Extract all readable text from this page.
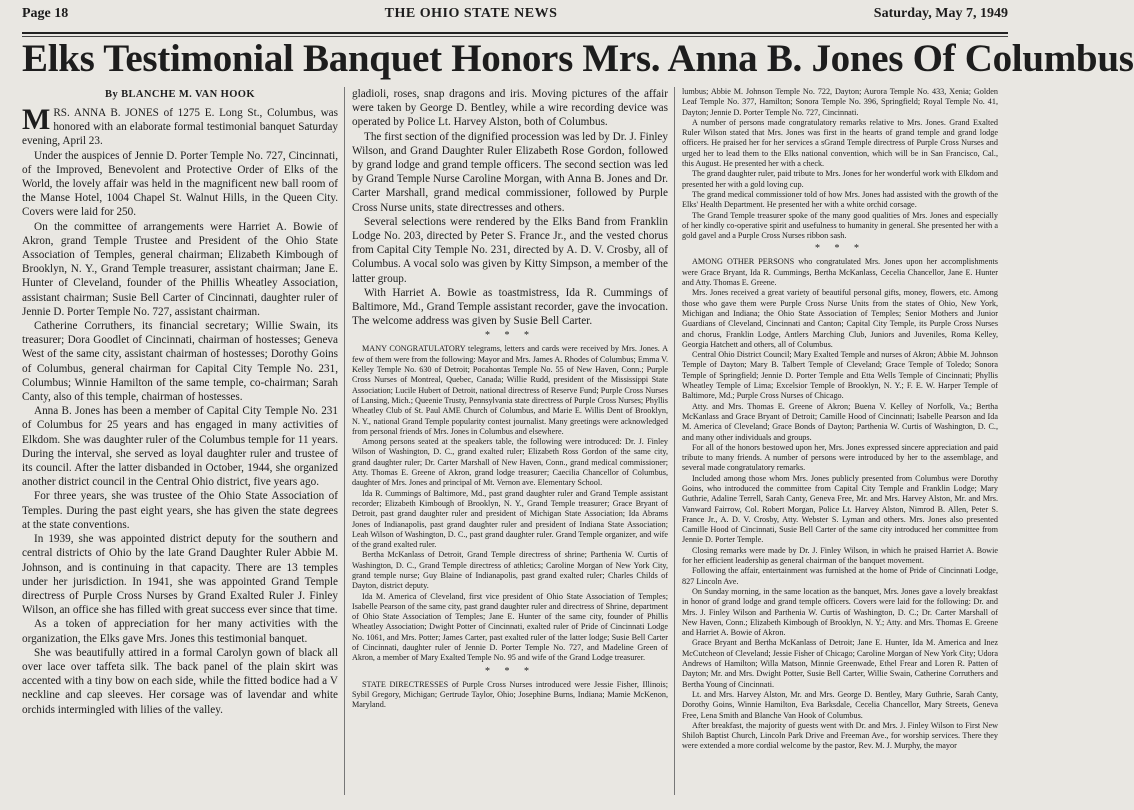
Page 18	THE OHIO STATE NEWS	Saturday, May 7, 1949
Elks Testimonial Banquet Honors Mrs. Anna B. Jones Of Columbus
By BLANCHE M. VAN HOOK

MRS. ANNA B. JONES of 1275 E. Long St., Columbus, was honored with an elaborate formal testimonial banquet Saturday evening, April 23.

Under the auspices of Jennie D. Porter Temple No. 727, Cincinnati, of the Improved, Benevolent and Protective Order of Elks of the World, the lovely affair was held in the magnificent new ball room of the Manse Hotel, 1004 Chapel St. Walnut Hills, in the Queen City. Covers were laid for 250.

On the committee of arrangements were Harriet A. Bowie of Akron, grand Temple Trustee and President of the Ohio State Association of Temples, general chairman; Elizabeth Kimbough of Brooklyn, N. Y., Grand Temple treasurer, assistant chairman; Jane E. Hunter of Cleveland, founder of the Phillis Wheatley Association, assistant chairman; Susie Bell Carter of Cincinnati, daughter ruler of Jennie D. Porter Temple No. 727, assistant chairman.

Catherine Corruthers, its financial secretary; Willie Swain, its treasurer; Dora Goodlet of Cincinnati, chairman of hostesses; Geneva West of the same city, assistant chairman of hostesses; Dorothy Goins of Columbus, general chairman for Capital City Temple No. 231, Columbus; Winnie Hamilton of the same temple, co-chairman; Sarah Canty, also of this temple, chairman of hostesses.

Anna B. Jones has been a member of Capital City Temple No. 231 of Columbus for 25 years and has engaged in many activities of Elkdom. She was daughter ruler of the Columbus temple for 11 years. During the interval, she served as loyal daughter ruler and trustee of its council. After the latter disbanded in October, 1944, she organized another district council in the Central Ohio district, five years ago.

For three years, she was trustee of the Ohio State Association of Temples. During the past eight years, she has given the state degrees at the state conventions.

In 1939, she was appointed district deputy for the southern and central districts of Ohio by the late Grand Daughter Ruler Abbie M. Johnson, and is continuing in that capacity. There are 13 temples under her jurisdiction. In 1941, she was appointed Grand Temple directress of Purple Cross Nurses by Grand Exalted Ruler J. Finley Wilson, an office she has filled with great success ever since that time.

As a token of appreciation for her many activities with the organization, the Elks gave Mrs. Jones this testimonial banquet.

She was beautifully attired in a formal Carolyn gown of black all over lace over taffeta silk. The back panel of the plain skirt was accented with a tiny bow on each side, while the fitted bodice had a V neckline and cap sleeves. Her corsage was of lavendar and white orchids intermingled with lilies of the valley.

gladioli, roses, snap dragons and iris. Moving pictures of the affair were taken by George D. Bentley, while a wire recording device was operated by Police Lt. Harvey Alston, both of Columbus.

The first section of the dignified procession was led by Dr. J. Finley Wilson, and Grand Daughter Ruler Elizabeth Rose Gordon, followed by grand lodge and grand temple officers. The second section was led by Grand Temple Nurse Caroline Morgan, with Anna B. Jones and Dr. Carter Marshall, grand medical commissioner, followed by Purple Cross Nurse units, state directresses and others.

Several selections were rendered by the Elks Band from Franklin Lodge No. 203, directed by Peter S. France Jr., and the vested chorus from Capital City Temple No. 231, directed by A. D. V. Crosby, all of Columbus. A vocal solo was given by Kitty Simpson, a member of the latter group.

With Harriet A. Bowie as toastmistress, Ida R. Cummings of Baltimore, Md., Grand Temple assistant recorder, gave the invocation. The welcome address was given by Susie Bell Carter.

* * *

MANY CONGRATULATORY telegrams, letters and cards were received by Mrs. Jones. A few of them were from the following: Mayor and Mrs. James A. Rhodes of Columbus; Emma V. Kelley Temple No. 630 of Detroit; Pocahontas Temple No. 55 of New Haven, Conn.; Purple Cross Nurses of Montreal, Quebec, Canada; Willie Rudd, president of the Mississippi State Association; Lucile Hubert of Detroit, national directress of Reserve Fund; Purple Cross Nurses of Lansing, Mich.; Queenie Trusty, Pennsylvania state directress of Purple Cross Nurses; Phyllis Wheatley Club of St. Paul AME Church of Columbus, and Marie E. Willis Dent of Brooklyn, N. Y., national Grand Temple popularity contest journalist. Many greetings were acknowledged from personal friends of Mrs. Jones in Columbus and elsewhere.

Among persons seated at the speakers table, the following were introduced: Dr. J. Finley Wilson of Washington, D. C., grand exalted ruler; Elizabeth Ross Gordon of the same city, grand daughter ruler; Dr. Carter Marshall of New Haven, Conn., grand medical commissioner; Atty. Thomas E. Greene of Akron, grand lodge treasurer; Caecilia Chancellor of Columbus, daughter of Mrs. Jones and principal of Mt. Vernon ave. Elementary School.

Ida R. Cummings of Baltimore, Md., past grand daughter ruler and Grand Temple assistant recorder; Elizabeth Kimbough of Brooklyn, N. Y., Grand Temple treasurer; Grace Bryant of Detroit, past grand daughter ruler and president of Michigan State Association; Ida Abrams Jones of Indianapolis, past grand daughter ruler and president of Indiana State Association; Leah Wilson of Washington, D. C., past grand daughter ruler. Grand Temple organizer, and wife of the grand exalted ruler.

Bertha McKanlass of Detroit, Grand Temple directress of shrine; Parthenia W. Curtis of Washington, D. C., Grand Temple directress of athletics; Caroline Morgan of New York City, grand temple nurse; Guy Blaine of Indianapolis, past grand exalted ruler; Charles Childs of Dayton, district deputy.

Ida M. America of Cleveland, first vice president of Ohio State Association of Temples; Isabelle Pearson of the same city, past grand daughter ruler and directress of Shrine, department of Ohio State Association of Temples; Jane E. Hunter of the same city, founder of Phillis Wheatley Association; Dwight Potter of Cincinnati, exalted ruler of Pride of Cincinnati Lodge No. 1061, and Mrs. Potter; James Carter, past exalted ruler of the latter lodge; Susie Bell Carter of Cincinnati, daughter ruler of Jennie D. Porter Temple No. 727, and Madeline Green of Akron, a member of Mary Exalted Temple No. 95 and wife of the Grand Lodge treasurer.

* * *

STATE DIRECTRESSES of Purple Cross Nurses introduced were Jessie Fisher, Illinois; Sybil Gregory, Michigan; Gertrude Taylor, Ohio; Josephine Burns, Indiana; Mamie McKenon, Maryland.

lumbus; Abbie M. Johnson Temple No. 722, Dayton; Aurora Temple No. 433, Xenia; Golden Leaf Temple No. 377, Hamilton; Sonora Temple No. 396, Springfield; Royal Temple No. 41, Dayton; Jennie D. Porter Temple No. 727, Cincinnati.

A number of persons made congratulatory remarks relative to Mrs. Jones. Grand Exalted Ruler Wilson stated that Mrs. Jones was first in the hearts of grand temple and grand lodge officers. He praised her for her services a sGrand Temple directress of Purple Cross Nurses and urged her to lead them to the Elks national convention, which will be in San Francisco, Cal., this August. He presented her with a check.

The grand daughter ruler, paid tribute to Mrs. Jones for her wonderful work with Elkdom and presented her with a gold loving cup.

The grand medical commissioner told of how Mrs. Jones had assisted with the growth of the Elks' Health Department. He presented her with a white orchid corsage.

The Grand Temple treasurer spoke of the many good qualities of Mrs. Jones and especially of her kindly co-operative spirit and usefulness to humanity in general. She presented her with a gold gavel and a Purple Cross Nurses ribbon sash.

* * *

AMONG OTHER PERSONS who congratulated Mrs. Jones upon her accomplishments were Grace Bryant, Ida R. Cummings, Bertha McKanlass, Cecelia Chancellor, Jane E. Hunter and Atty. Thomas E. Greene.

Mrs. Jones received a great variety of beautiful personal gifts, money, flowers, etc. Among those who gave them were Purple Cross Nurse Units from the states of Ohio, New York, Michigan and Indiana; the Ohio State Association of Temples; Senior Mothers and Junior Guardians of Cleveland, Cincinnati and Canton; Capital City Temple, its Purple Cross Nurses and chorus, Franklin Lodge, Antlers Marching Club, Juniors and Juveniles, Roma Kelley, Georgia Hatchett and others, all of Columbus.

Central Ohio District Council; Mary Exalted Temple and nurses of Akron; Abbie M. Johnson Temple of Dayton; Mary B. Talbert Temple of Cleveland; Grace Temple of Toledo; Sonora Temple of Springfield; Jennie D. Porter Temple and Etta Wells Temple of Cincinnati; Phyllis Wheatley Temple of Lima; Excelsior Temple of Brooklyn, N. Y.; F. E. W. Harper Temple of Baltimore, Md.; Purple Cross Nurses of Chicago.

Atty. and Mrs. Thomas E. Greene of Akron; Buena V. Kelley of Norfolk, Va.; Bertha McKanlass and Grace Bryant of Detroit; Camille Hood of Cincinnati; Isabelle Pearson and Ida M. America of Cleveland; Grace Bonds of Dayton; Parthenia W. Curtis of Washington, D. C., and many other individuals and groups.

For all of the honors bestowed upon her, Mrs. Jones expressed sincere appreciation and paid tribute to many friends. A number of persons were introduced by her to the assemblage, and several made congratulatory remarks.

Included among those whom Mrs. Jones publicly presented from Columbus were Dorothy Goins, who introduced the committee from Capital City Temple and Franklin Lodge; Mary Guthrie, Adaline Terrell, Sarah Canty, Geneva Free, Mr. and Mrs. Harvey Alston, Mr. and Mrs. Vanward Fairrow, Col. Robert Morgan, Police Lt. Harvey Alston, Nimrod B. Allen, Peter S. France Jr., A. D. V. Crosby, Atty. Webster S. Lyman and others. Mrs. Jones also presented Camille Hood of Cincinnati, Susie Bell Carter of the same city introduced her committee from Jennie D. Porter Temple.

Closing remarks were made by Dr. J. Finley Wilson, in which he praised Harriet A. Bowie for her efficient leadership as general chairman of the banquet movement.

Following the affair, entertainment was furnished at the home of Pride of Cincinnati Lodge, 827 Lincoln Ave.

On Sunday morning, in the same location as the banquet, Mrs. Jones gave a lovely breakfast in honor of grand lodge and grand temple officers. Covers were laid for the following: Dr. and Mrs. J. Finley Wilson and Parthenia W. Curtis of Washington, D. C.; Dr. Carter Marshall of New Haven, Conn.; Elizabeth Kimbough of Brooklyn, N. Y.; Atty. and Mrs. Thomas E. Greene and Harriet A. Bowie of Akron.

Grace Bryant and Bertha McKanlass of Detroit; Jane E. Hunter, Ida M. America and Inez McCutcheon of Cleveland; Jessie Fisher of Chicago; Caroline Morgan of New York City; Udora Andrews of Hamilton; Willa Matson, Minnie Greenwade, Ethel Frear and Loren R. Patten of Dayton; Mr. and Mrs. Dwight Potter, Susie Bell Carter, Willie Swain, Catherine Corruthers and Bertha Young of Cincinnati.

Lt. and Mrs. Harvey Alston, Mr. and Mrs. George D. Bentley, Mary Guthrie, Sarah Canty, Dorothy Goins, Winnie Hamilton, Eva Barksdale, Cecelia Chancellor, Mary Streets, Geneva Free, Lena Smith and Blanche Van Hook of Columbus.

After breakfast, the majority of guests went with Dr. and Mrs. J. Finley Wilson to First New Shiloh Baptist Church, Lincoln Park Drive and Freeman Ave., for worship services. There they were extended a more cordial welcome by the pastor, Rev. M. J. Murphy, the mayor
